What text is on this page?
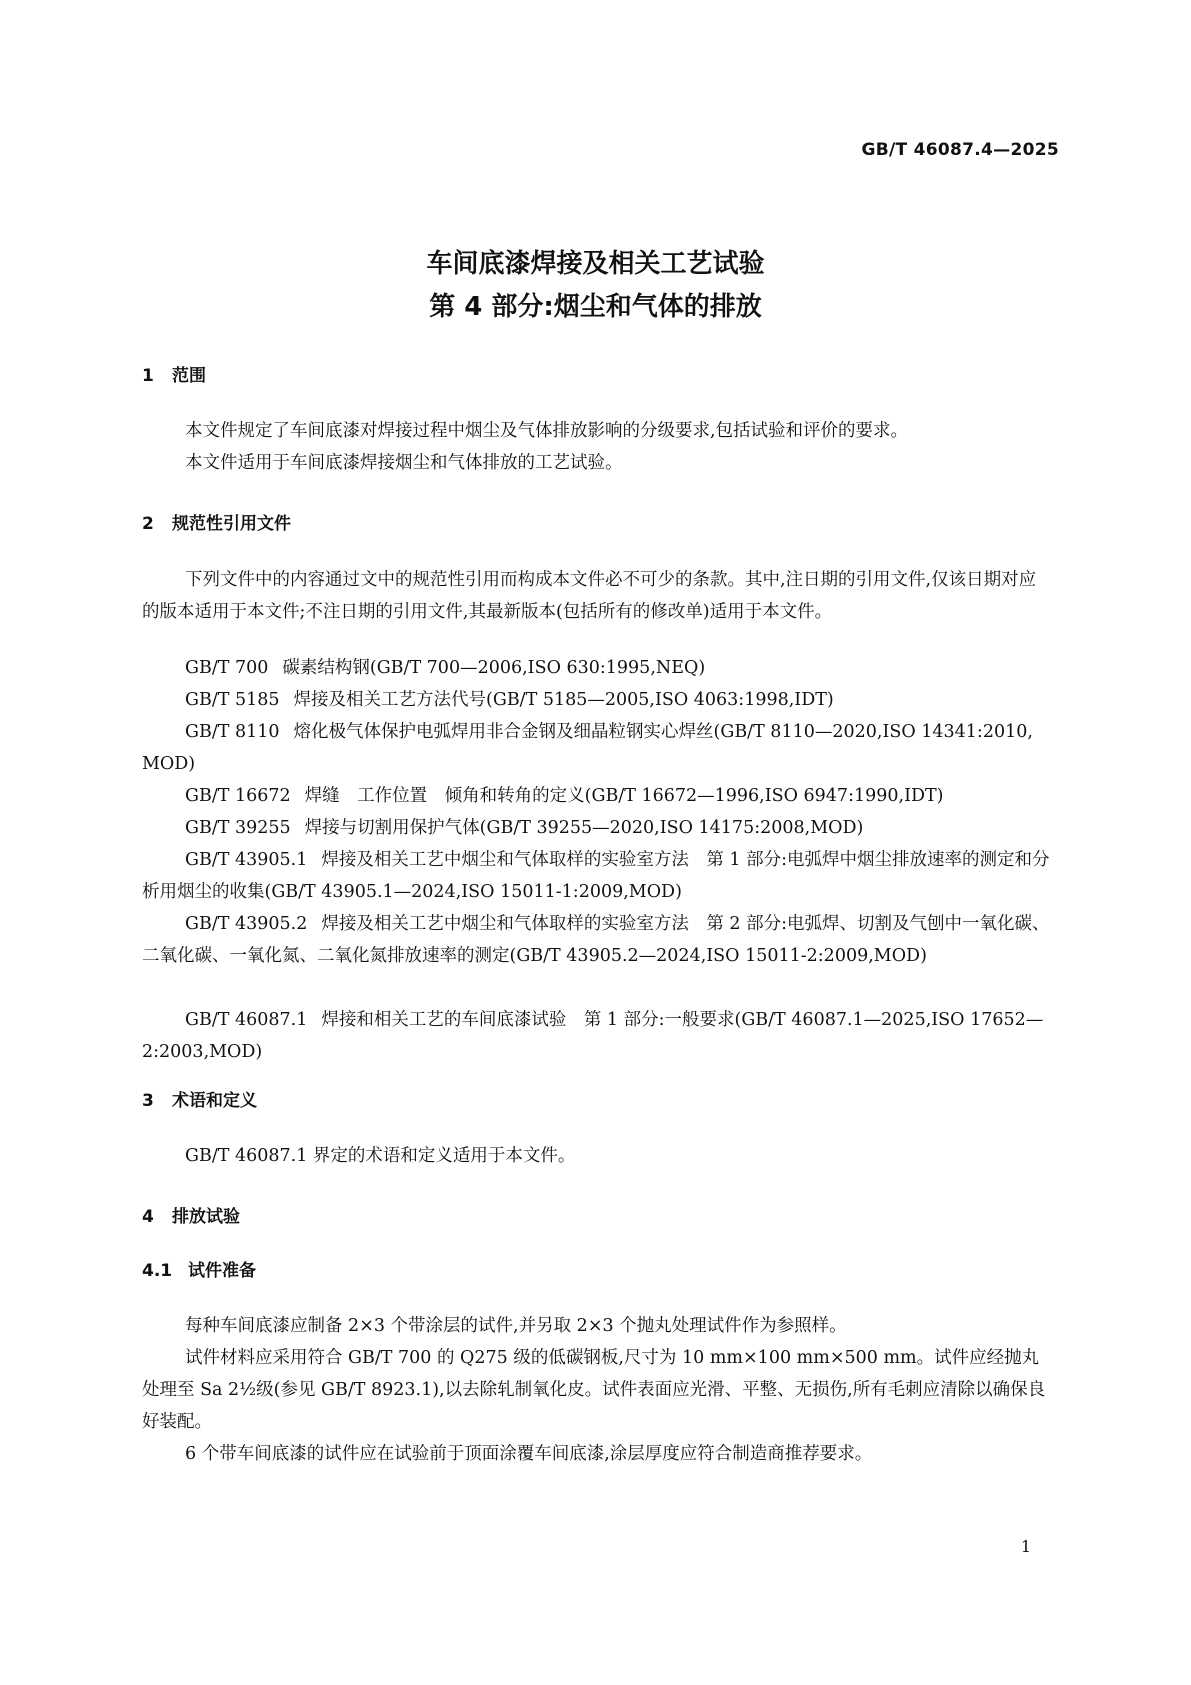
GB/T 46087.4—2025
车间底漆焊接及相关工艺试验
第 4 部分:烟尘和气体的排放
1 范围
本文件规定了车间底漆对焊接过程中烟尘及气体排放影响的分级要求,包括试验和评价的要求。
本文件适用于车间底漆焊接烟尘和气体排放的工艺试验。
2 规范性引用文件
下列文件中的内容通过文中的规范性引用而构成本文件必不可少的条款。其中,注日期的引用文件,仅该日期对应的版本适用于本文件;不注日期的引用文件,其最新版本(包括所有的修改单)适用于本文件。
GB/T 700 碳素结构钢(GB/T 700—2006,ISO 630:1995,NEQ)
GB/T 5185 焊接及相关工艺方法代号(GB/T 5185—2005,ISO 4063:1998,IDT)
GB/T 8110 熔化极气体保护电弧焊用非合金钢及细晶粒钢实心焊丝(GB/T 8110—2020,ISO 14341:2010, MOD)
GB/T 16672 焊缝　工作位置　倾角和转角的定义(GB/T 16672—1996,ISO 6947:1990,IDT)
GB/T 39255 焊接与切割用保护气体(GB/T 39255—2020,ISO 14175:2008,MOD)
GB/T 43905.1 焊接及相关工艺中烟尘和气体取样的实验室方法　第 1 部分:电弧焊中烟尘排放速率的测定和分析用烟尘的收集(GB/T 43905.1—2024,ISO 15011-1:2009,MOD)
GB/T 43905.2 焊接及相关工艺中烟尘和气体取样的实验室方法　第 2 部分:电弧焊、切割及气刨中一氧化碳、二氧化碳、一氧化氮、二氧化氮排放速率的测定(GB/T 43905.2—2024,ISO 15011-2:2009,MOD)
GB/T 46087.1 焊接和相关工艺的车间底漆试验　第 1 部分:一般要求(GB/T 46087.1—2025,ISO 17652—2:2003,MOD)
3 术语和定义
GB/T 46087.1 界定的术语和定义适用于本文件。
4 排放试验
4.1 试件准备
每种车间底漆应制备 2×3 个带涂层的试件,并另取 2×3 个抛丸处理试件作为参照样。
试件材料应采用符合 GB/T 700 的 Q275 级的低碳钢板,尺寸为 10 mm×100 mm×500 mm。试件应经抛丸处理至 Sa 2½级(参见 GB/T 8923.1),以去除轧制氧化皮。试件表面应光滑、平整、无损伤,所有毛刺应清除以确保良好装配。
6 个带车间底漆的试件应在试验前于顶面涂覆车间底漆,涂层厚度应符合制造商推荐要求。
1
